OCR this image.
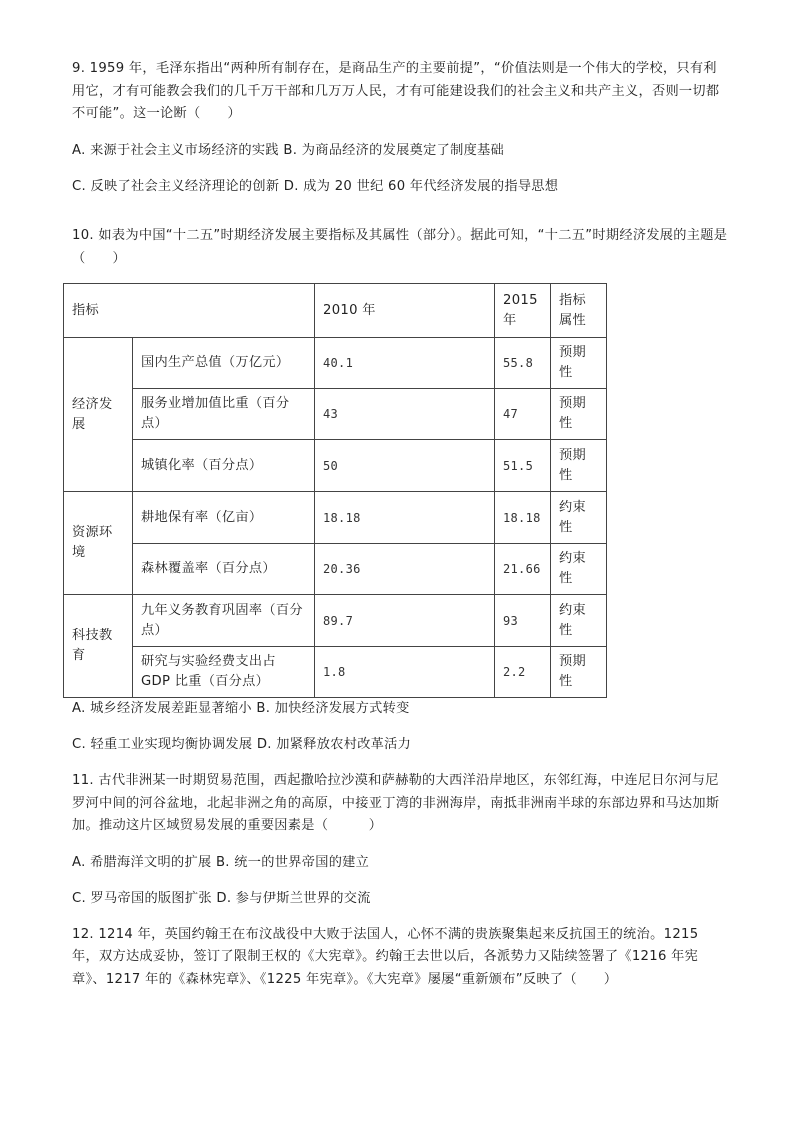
9. 1959 年，毛泽东指出“两种所有制存在，是商品生产的主要前提”，“价值法则是一个伟大的学校，只有利用它，才有可能教会我们的几千万干部和几万万人民，才有可能建设我们的社会主义和共产主义，否则一切都不可能”。这一论断（　　）

A. 来源于社会主义市场经济的实践 B. 为商品经济的发展奠定了制度基础

C. 反映了社会主义经济理论的创新 D. 成为 20 世纪 60 年代经济发展的指导思想

10. 如表为中国“十二五”时期经济发展主要指标及其属性（部分）。据此可知，“十二五”时期经济发展的主题是（　　）

指标		2010 年	2015 年	指标属性
经济发展	国内生产总值（万亿元）	40.1	55.8	预期性
	服务业增加值比重（百分点）	43	47	预期性
	城镇化率（百分点）	50	51.5	预期性
资源环境	耕地保有率（亿亩）	18.18	18.18	约束性
	森林覆盖率（百分点）	20.36	21.66	约束性
科技教育	九年义务教育巩固率（百分点）	89.7	93	约束性
	研究与实验经费支出占 GDP 比重（百分点）	1.8	2.2	预期性

A. 城乡经济发展差距显著缩小 B. 加快经济发展方式转变

C. 轻重工业实现均衡协调发展 D. 加紧释放农村改革活力

11. 古代非洲某一时期贸易范围，西起撒哈拉沙漠和萨赫勒的大西洋沿岸地区，东邻红海，中连尼日尔河与尼罗河中间的河谷盆地，北起非洲之角的高原，中接亚丁湾的非洲海岸，南抵非洲南半球的东部边界和马达加斯加。推动这片区域贸易发展的重要因素是（　　　）

A. 希腊海洋文明的扩展 B. 统一的世界帝国的建立

C. 罗马帝国的版图扩张 D. 参与伊斯兰世界的交流

12. 1214 年，英国约翰王在布汶战役中大败于法国人，心怀不满的贵族聚集起来反抗国王的统治。1215 年，双方达成妥协，签订了限制王权的《大宪章》。约翰王去世以后，各派势力又陆续签署了《1216 年宪章》、1217 年的《森林宪章》、《1225 年宪章》。《大宪章》屡屡“重新颁布”反映了（　　）
